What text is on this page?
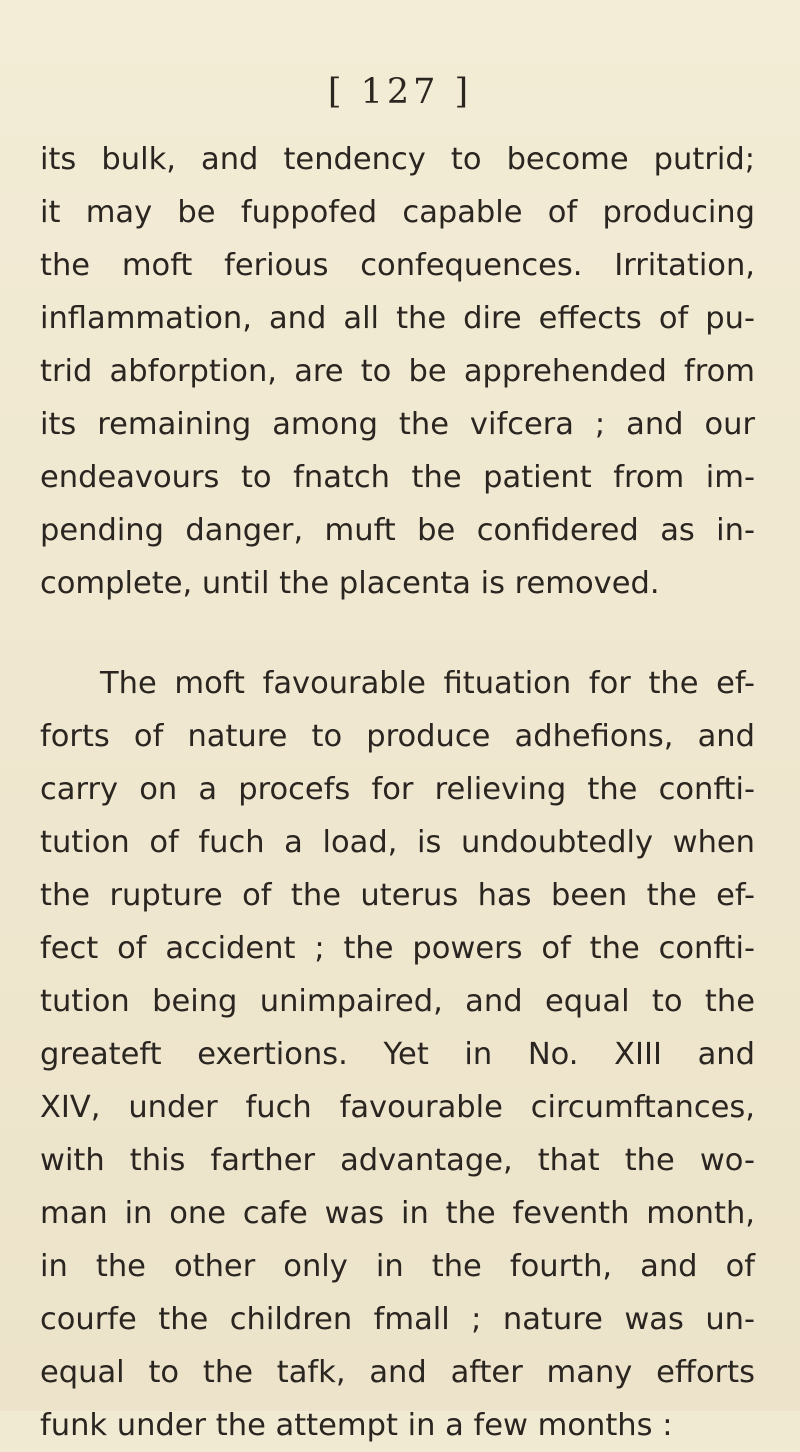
[ 127 ]
its bulk, and tendency to become putrid;
it may be fuppofed capable of producing
the moft ferious confequences. Irritation,
inflammation, and all the dire effects of pu-
trid abforption, are to be apprehended from
its remaining among the vifcera ; and our
endeavours to fnatch the patient from im-
pending danger, muft be confidered as in-
complete, until the placenta is removed.
The moft favourable fituation for the ef-
forts of nature to produce adhefions, and
carry on a procefs for relieving the confti-
tution of fuch a load, is undoubtedly when
the rupture of the uterus has been the ef-
fect of accident ; the powers of the confti-
tution being unimpaired, and equal to the
greateft exertions. Yet in No. XIII and
XIV, under fuch favourable circumftances,
with this farther advantage, that the wo-
man in one cafe was in the feventh month,
in the other only in the fourth, and of
courfe the children fmall ; nature was un-
equal to the tafk, and after many efforts
funk under the attempt in a few months :
